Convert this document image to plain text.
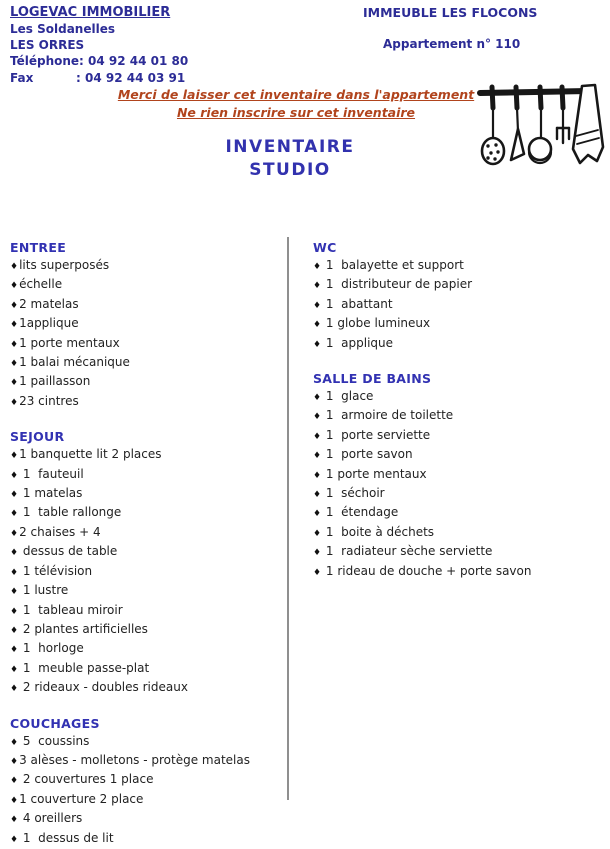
LOGEVAC IMMOBILIER
Les Soldanelles
LES ORRES
Téléphone: 04 92 44 01 80
Fax	: 04 92 44 03 91
IMMEUBLE LES FLOCONS
Appartement n° 110
Merci de laisser cet inventaire dans l'appartement
Ne rien inscrire sur cet inventaire
INVENTAIRE
STUDIO
ENTREE
♦lits superposés
♦échelle
♦2 matelas
♦1applique
♦1 porte mentaux
♦1 balai mécanique
♦1 paillasson
♦23 cintres
SEJOUR
♦1 banquette lit 2 places
♦ 1  fauteuil
♦ 1 matelas
♦ 1  table rallonge
♦2 chaises + 4
♦ dessus de table
♦ 1 télévision
♦ 1 lustre
♦ 1  tableau miroir
♦ 2 plantes artificielles
♦ 1  horloge
♦ 1  meuble passe-plat
♦ 2 rideaux - doubles rideaux
COUCHAGES
♦ 5  coussins
♦3 alèses - molletons - protège matelas
♦ 2 couvertures 1 place
♦1 couverture 2 place
♦ 4 oreillers
♦ 1  dessus de lit
WC
♦ 1  balayette et support
♦ 1  distributeur de papier
♦ 1  abattant
♦ 1 globe lumineux
♦ 1  applique
SALLE DE BAINS
♦ 1  glace
♦ 1  armoire de toilette
♦ 1  porte serviette
♦ 1  porte savon
♦ 1 porte mentaux
♦ 1  séchoir
♦ 1  étendage
♦ 1  boite à déchets
♦ 1  radiateur sèche serviette
♦ 1 rideau de douche + porte savon
